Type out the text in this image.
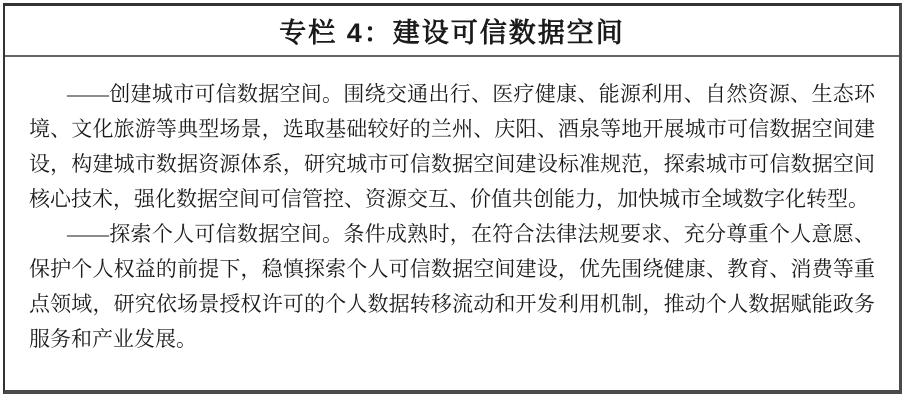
专栏 4：建设可信数据空间

——创建城市可信数据空间。围绕交通出行、医疗健康、能源利用、自然资源、生态环境、文化旅游等典型场景，选取基础较好的兰州、庆阳、酒泉等地开展城市可信数据空间建设，构建城市数据资源体系，研究城市可信数据空间建设标准规范，探索城市可信数据空间核心技术，强化数据空间可信管控、资源交互、价值共创能力，加快城市全域数字化转型。

——探索个人可信数据空间。条件成熟时，在符合法律法规要求、充分尊重个人意愿、保护个人权益的前提下，稳慎探索个人可信数据空间建设，优先围绕健康、教育、消费等重点领域，研究依场景授权许可的个人数据转移流动和开发利用机制，推动个人数据赋能政务服务和产业发展。
